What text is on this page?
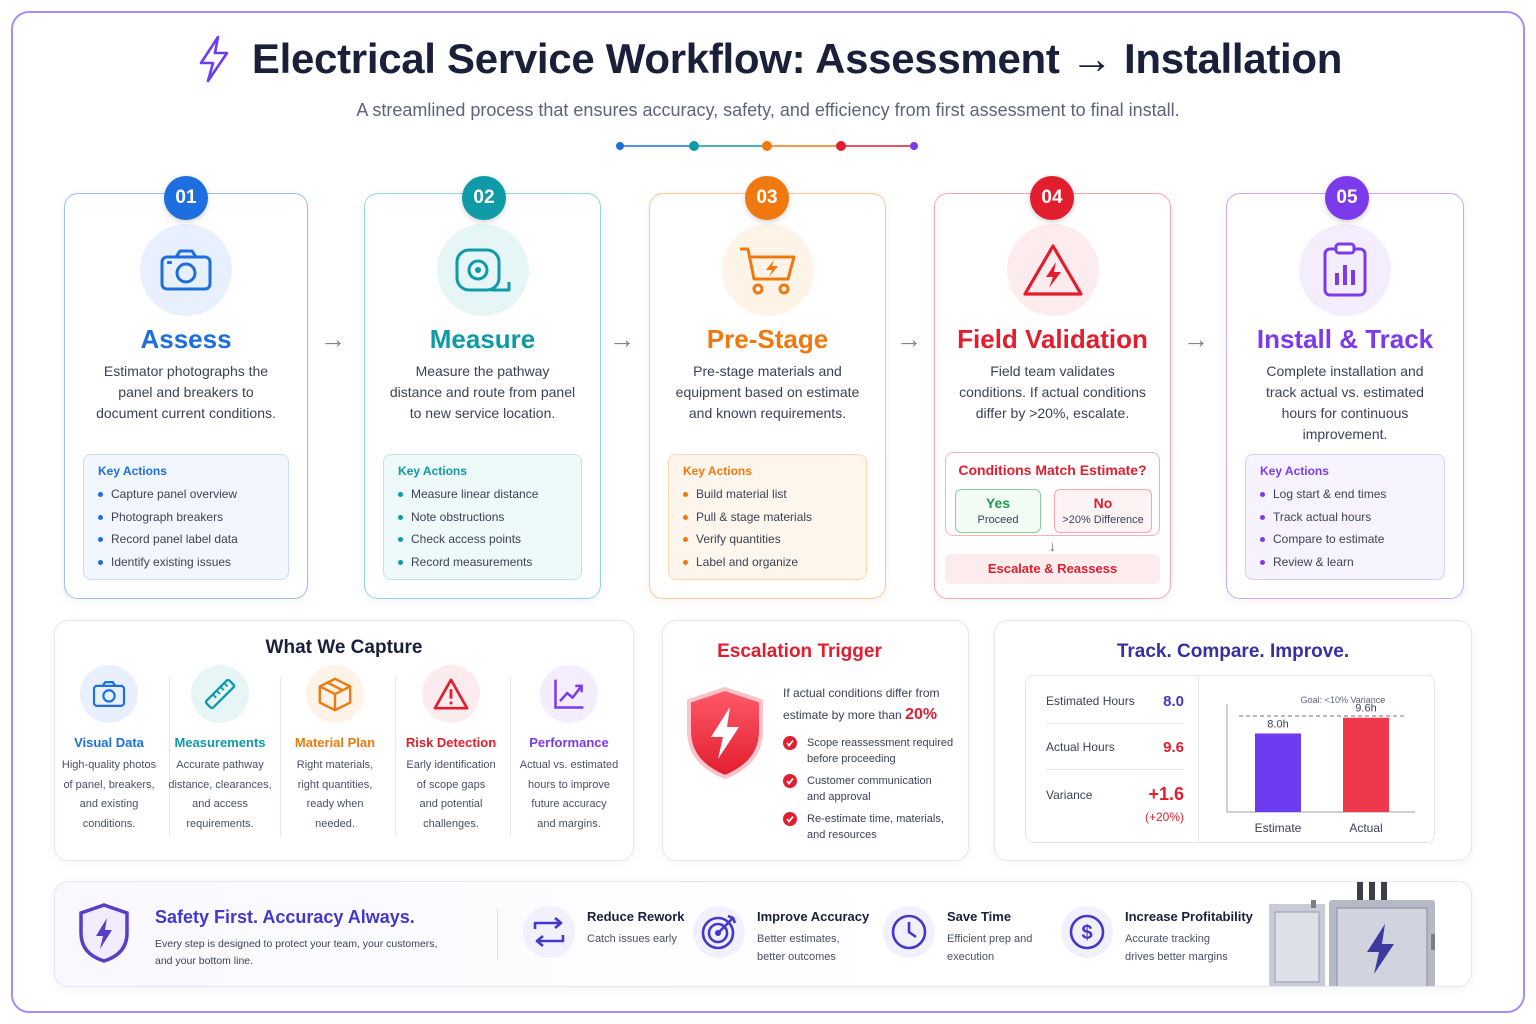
Electrical Service Workflow: Assessment → Installation
A streamlined process that ensures accuracy, safety, and efficiency from first assessment to final install.
Assess
Estimator photographs the panel and breakers to document current conditions.
Key Actions
Capture panel overview
Photograph breakers
Record panel label data
Identify existing issues
01
→	Measure
Measure the pathway distance and route from panel to new service location.
Key Actions
Measure linear distance
Note obstructions
Check access points
Record measurements
02
→	Pre-Stage
Pre-stage materials and equipment based on estimate and known requirements.
Key Actions
Build material list
Pull & stage materials
Verify quantities
Label and organize
03
→	Field Validation
Field team validates conditions. If actual conditions differ by >20%, escalate.
Conditions Match Estimate?
Yes
Proceed
No
>20% Difference
↓
Escalate & Reassess
04
→	Install & Track
Complete installation and track actual vs. estimated hours for continuous improvement.
Key Actions
Log start & end times
Track actual hours
Compare to estimate
Review & learn
05
What We Capture
Visual Data
High-quality photos
of panel, breakers,
and existing
conditions.
Measurements
Accurate pathway
distance, clearances,
and access
requirements.
Material Plan
Right materials,
right quantities,
ready when
needed.
Risk Detection
Early identification
of scope gaps
and potential
challenges.
Performance
Actual vs. estimated
hours to improve
future accuracy
and margins.
Escalation Trigger
If actual conditions differ from
estimate by more than 20%
Scope reassessment required
before proceeding
Customer communication
and approval
Re-estimate time, materials,
and resources
Track. Compare. Improve.
Estimated Hours 8.0
Actual Hours	9.6
Variance	+1.6
(+20%)
Goal: <10% Variance
8.0h
Estimate
9.6h
Actual
Safety First. Accuracy Always.
Every step is designed to protect your team, your customers, and your bottom line.
Reduce Rework
Catch issues early
Improve Accuracy
Better estimates, better outcomes
Save Time
Efficient prep and execution
$
Increase Profitability
Accurate tracking drives better margins
